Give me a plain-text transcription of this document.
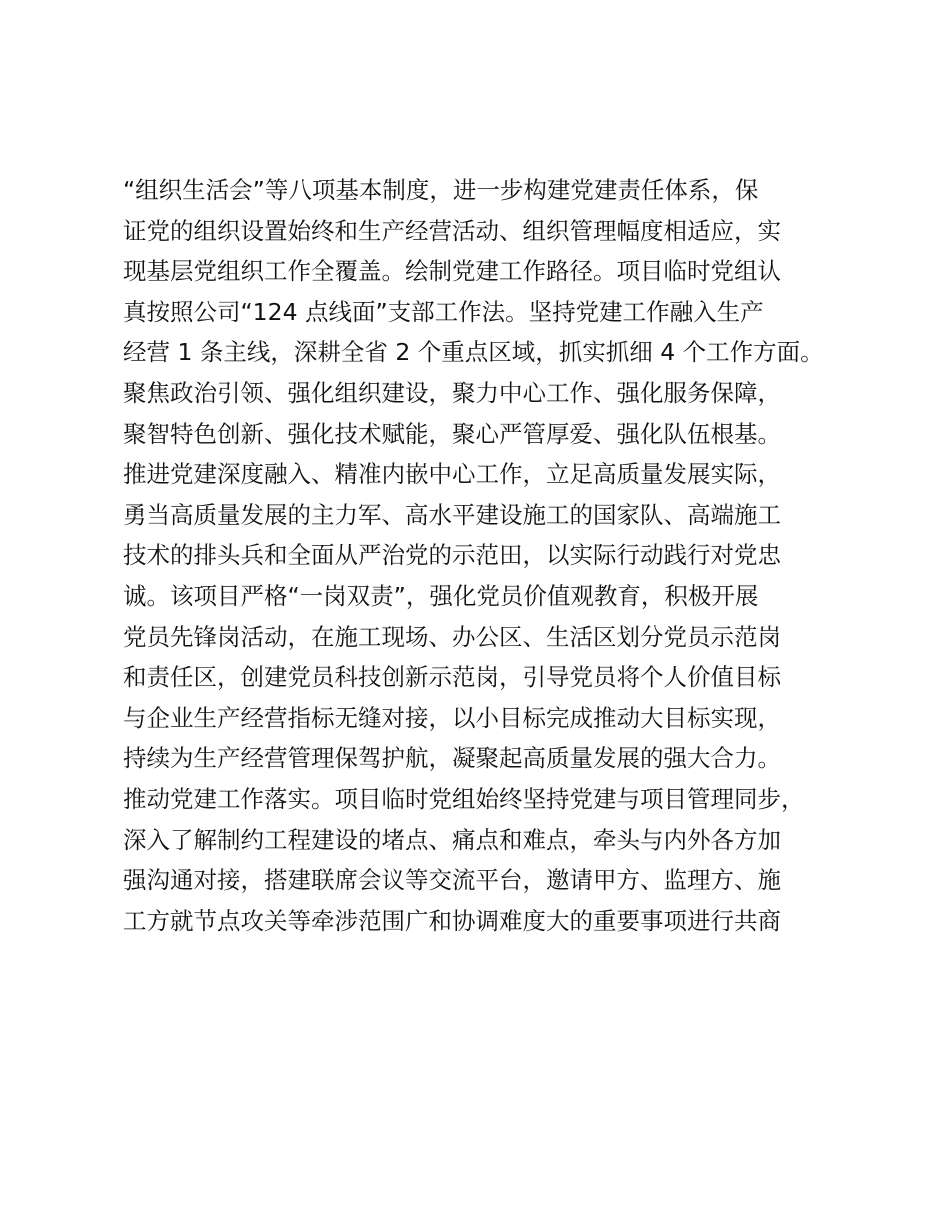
“组织生活会”等八项基本制度，进一步构建党建责任体系，保
证党的组织设置始终和生产经营活动、组织管理幅度相适应，实
现基层党组织工作全覆盖。绘制党建工作路径。项目临时党组认
真按照公司“124 点线面”支部工作法。坚持党建工作融入生产
经营 1 条主线，深耕全省 2 个重点区域，抓实抓细 4 个工作方面。
聚焦政治引领、强化组织建设，聚力中心工作、强化服务保障，
聚智特色创新、强化技术赋能，聚心严管厚爱、强化队伍根基。
推进党建深度融入、精准内嵌中心工作，立足高质量发展实际，
勇当高质量发展的主力军、高水平建设施工的国家队、高端施工
技术的排头兵和全面从严治党的示范田，以实际行动践行对党忠
诚。该项目严格“一岗双责”，强化党员价值观教育，积极开展
党员先锋岗活动，在施工现场、办公区、生活区划分党员示范岗
和责任区，创建党员科技创新示范岗，引导党员将个人价值目标
与企业生产经营指标无缝对接，以小目标完成推动大目标实现，
持续为生产经营管理保驾护航，凝聚起高质量发展的强大合力。
推动党建工作落实。项目临时党组始终坚持党建与项目管理同步，
深入了解制约工程建设的堵点、痛点和难点，牵头与内外各方加
强沟通对接，搭建联席会议等交流平台，邀请甲方、监理方、施
工方就节点攻关等牵涉范围广和协调难度大的重要事项进行共商
